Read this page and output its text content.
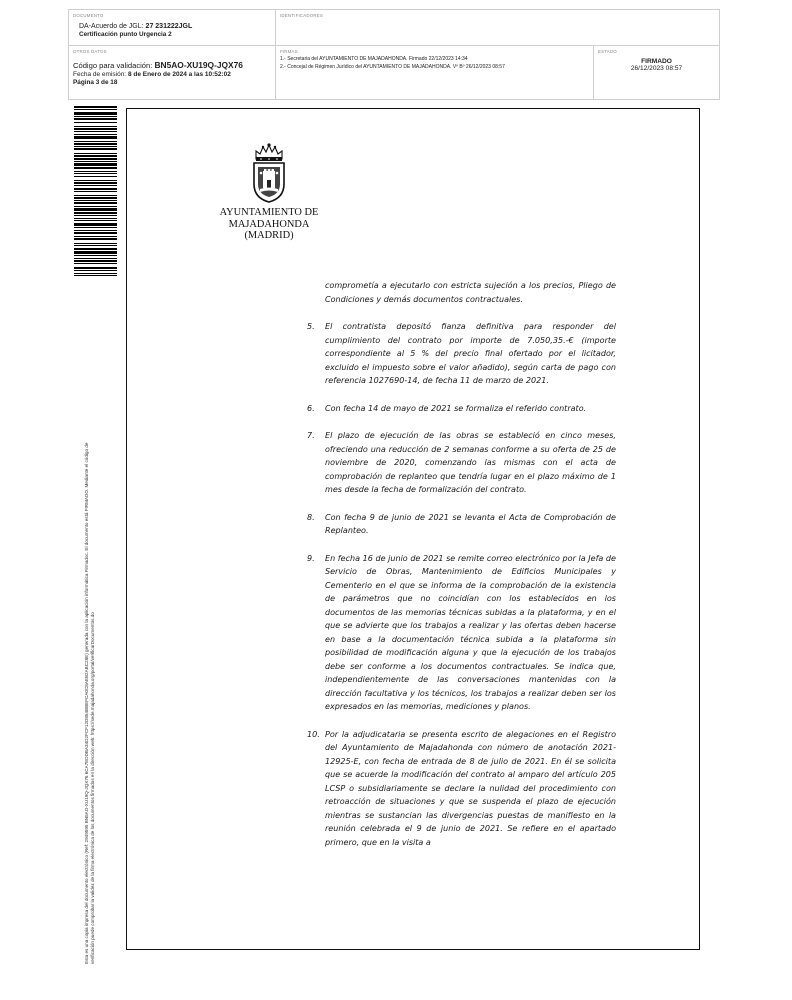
DOCUMENTO
DA-Acuerdo de JGL: 27 231222JGL
Certificación punto Urgencia 2
IDENTIFICADORES
OTROS DATOS
Código para validación: BN5AO-XU19Q-JQX76
Fecha de emisión: 8 de Enero de 2024 a las 10:52:02
Página 3 de 18
FIRMAS
1.- Secretaria del AYUNTAMIENTO DE MAJADAHONDA. Firmado 22/12/2023 14:34
2.- Concejal de Régimen Jurídico del AYUNTAMIENTO DE MAJADAHONDA. Vº Bº 26/12/2023 08:57
ESTADO
FIRMADO
26/12/2023 08:57
Esta es una copia impresa del documento electrónico (Ref: 2949595 BN5AO-XU19Q-JQX76 6CA7EDDBA34D2FCF12D854BBEFCA0C8AEB2ABC28E) generada con la aplicación informática Firmadoc. El documento está FIRMADO. Mediante el código de verificación puede comprobar la validez de la firma electrónica de los documentos firmados en la dirección web: https://sede.majadahonda.org/portal/verificarDocumentos.do
AYUNTAMIENTO DE
MAJADAHONDA
(MADRID)
comprometía a ejecutarlo con estricta sujeción a los precios, Pliego de Condiciones y demás documentos contractuales.
5. El contratista depositó fianza definitiva para responder del cumplimiento del contrato por importe de 7.050,35.-€ (importe correspondiente al 5 % del precio final ofertado por el licitador, excluido el impuesto sobre el valor añadido), según carta de pago con referencia 1027690-14, de fecha 11 de marzo de 2021.
6. Con fecha 14 de mayo de 2021 se formaliza el referido contrato.
7. El plazo de ejecución de las obras se estableció en cinco meses, ofreciendo una reducción de 2 semanas conforme a su oferta de 25 de noviembre de 2020, comenzando las mismas con el acta de comprobación de replanteo que tendría lugar en el plazo máximo de 1 mes desde la fecha de formalización del contrato.
8. Con fecha 9 de junio de 2021 se levanta el Acta de Comprobación de Replanteo.
9. En fecha 16 de junio de 2021 se remite correo electrónico por la Jefa de Servicio de Obras, Mantenimiento de Edificios Municipales y Cementerio en el que se informa de la comprobación de la existencia de parámetros que no coincidían con los establecidos en los documentos de las memorias técnicas subidas a la plataforma, y en el que se advierte que los trabajos a realizar y las ofertas deben hacerse en base a la documentación técnica subida a la plataforma sin posibilidad de modificación alguna y que la ejecución de los trabajos debe ser conforme a los documentos contractuales. Se indica que, independientemente de las conversaciones mantenidas con la dirección facultativa y los técnicos, los trabajos a realizar deben ser los expresados en las memorias, mediciones y planos.
10. Por la adjudicataria se presenta escrito de alegaciones en el Registro del Ayuntamiento de Majadahonda con número de anotación 2021-12925-E, con fecha de entrada de 8 de julio de 2021. En él se solicita que se acuerde la modificación del contrato al amparo del artículo 205 LCSP o subsidiariamente se declare la nulidad del procedimiento con retroacción de situaciones y que se suspenda el plazo de ejecución mientras se sustancian las divergencias puestas de manifiesto en la reunión celebrada el 9 de junio de 2021. Se refiere en el apartado primero, que en la visita a
